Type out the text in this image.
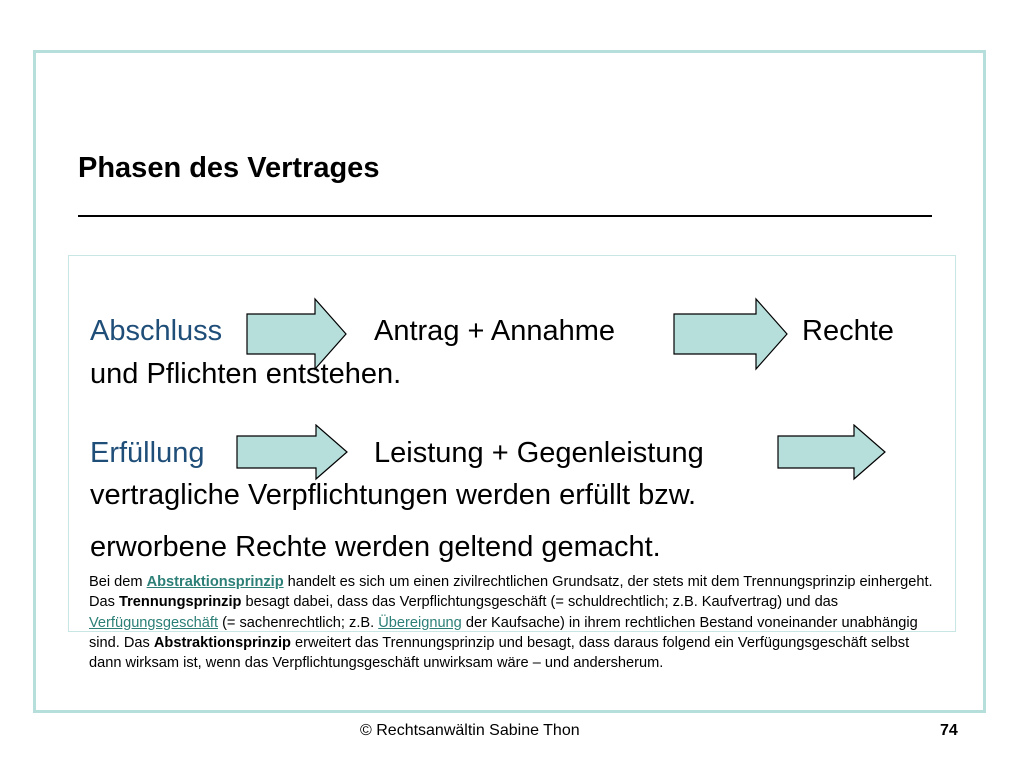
Phasen des Vertrages
Abschluss	Antrag + Annahme	Rechte
und Pflichten entstehen.
Erfüllung	Leistung + Gegenleistung
vertragliche Verpflichtungen werden erfüllt bzw.
erworbene Rechte werden geltend gemacht.

Bei dem Abstraktionsprinzip handelt es sich um einen zivilrechtlichen Grundsatz, der stets mit dem Trennungsprinzip einhergeht. Das Trennungsprinzip besagt dabei, dass das Verpflichtungsgeschäft (= schuldrechtlich; z.B. Kaufvertrag) und das Verfügungsgeschäft (= sachenrechtlich; z.B. Übereignung der Kaufsache) in ihrem rechtlichen Bestand voneinander unabhängig sind. Das Abstraktionsprinzip erweitert das Trennungsprinzip und besagt, dass daraus folgend ein Verfügungsgeschäft selbst dann wirksam ist, wenn das Verpflichtungsgeschäft unwirksam wäre – und andersherum.

© Rechtsanwältin Sabine Thon	74
